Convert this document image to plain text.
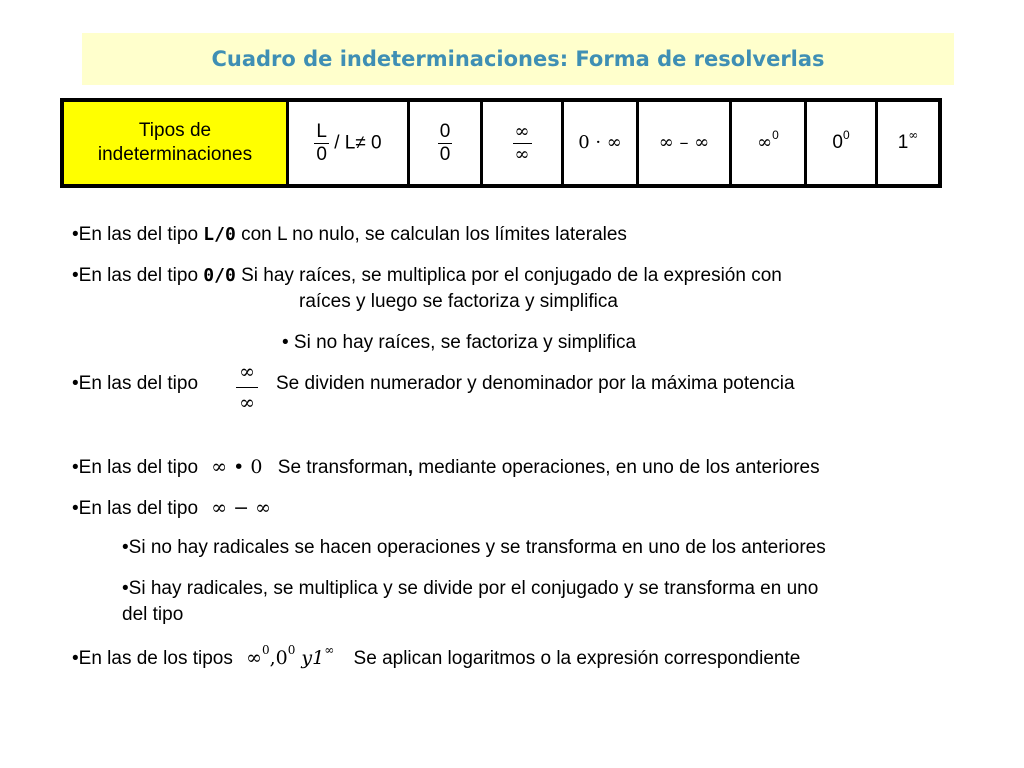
Cuadro de indeterminaciones: Forma de resolverlas
Tipos de
indeterminaciones	$\frac{L}{0} / L\ne 0$	$\frac{0}{0}$	$\frac{\infty}{\infty}$	0 · ∞	∞ – ∞	∞$^0$	$0^0$	1∞
•En las del tipo L/0 con L no nulo, se calculan los límites laterales
•En las del tipo 0/0 Si hay raíces, se multiplica por el conjugado de la expresión con
raíces y luego se factoriza y simplifica
• Si no hay raíces, se factoriza y simplifica
•En las del tipo
∞
∞
Se dividen numerador y denominador por la máxima potencia
•En las del tipo ∞ • 0 Se transforman, mediante operaciones, en uno de los anteriores
•En las del tipo ∞ − ∞
•Si no hay radicales se hacen operaciones y se transforma en uno de los anteriores
•Si hay radicales, se multiplica y se divide por el conjugado y se transforma en uno
del tipo
•En las de los tipos $\infty^0,0^0$ y1∞ Se aplican logaritmos o la expresión correspondiente
